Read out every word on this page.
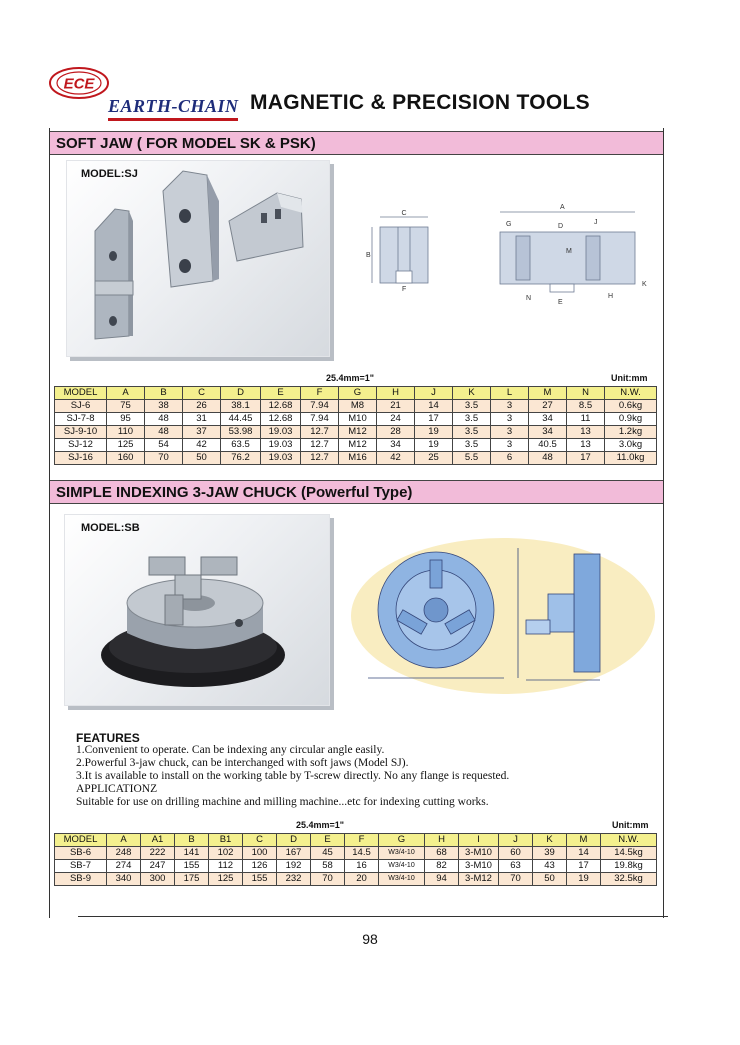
ECE
EARTH-CHAIN MAGNETIC & PRECISION TOOLS
SOFT JAW ( FOR MODEL SK & PSK)
MODEL:SJ
C
B
F
A
G	D
J
M
K
N
E
H
25.4mm=1"	Unit:mm
MODEL	A	B	C	D	E	F	G	H	J	K	L	M	N	N.W.
SJ-6	75	38	26	38.1	12.68	7.94	M8	21	14	3.5	3	27	8.5	0.6kg
SJ-7-8	95	48	31	44.45	12.68	7.94	M10	24	17	3.5	3	34	11	0.9kg
SJ-9-10	110	48	37	53.98	19.03	12.7	M12	28	19	3.5	3	34	13	1.2kg
SJ-12	125	54	42	63.5	19.03	12.7	M12	34	19	3.5	3	40.5	13	3.0kg
SJ-16	160	70	50	76.2	19.03	12.7	M16	42	25	5.5	6	48	17	11.0kg
SIMPLE INDEXING 3-JAW CHUCK (Powerful Type)
MODEL:SB
FEATURES
1.Convenient to operate. Can be indexing any circular angle easily.
2.Powerful 3-jaw chuck, can be interchanged with soft jaws (Model SJ).
3.It is available to install on the working table by T-screw directly. No any flange is requested.
APPLICATIONZ
Suitable for use on drilling machine and milling machine...etc for indexing cutting works.
25.4mm=1"	Unit:mm
MODEL	A	A1	B	B1	C	D	E	F	G	H	I	J	K	M	N.W.
SB-6	248	222	141	102	100	167	45	14.5	W3/4-10	68	3-M10	60	39	14	14.5kg
SB-7	274	247	155	112	126	192	58	16	W3/4-10	82	3-M10	63	43	17	19.8kg
SB-9	340	300	175	125	155	232	70	20	W3/4-10	94	3-M12	70	50	19	32.5kg
98
